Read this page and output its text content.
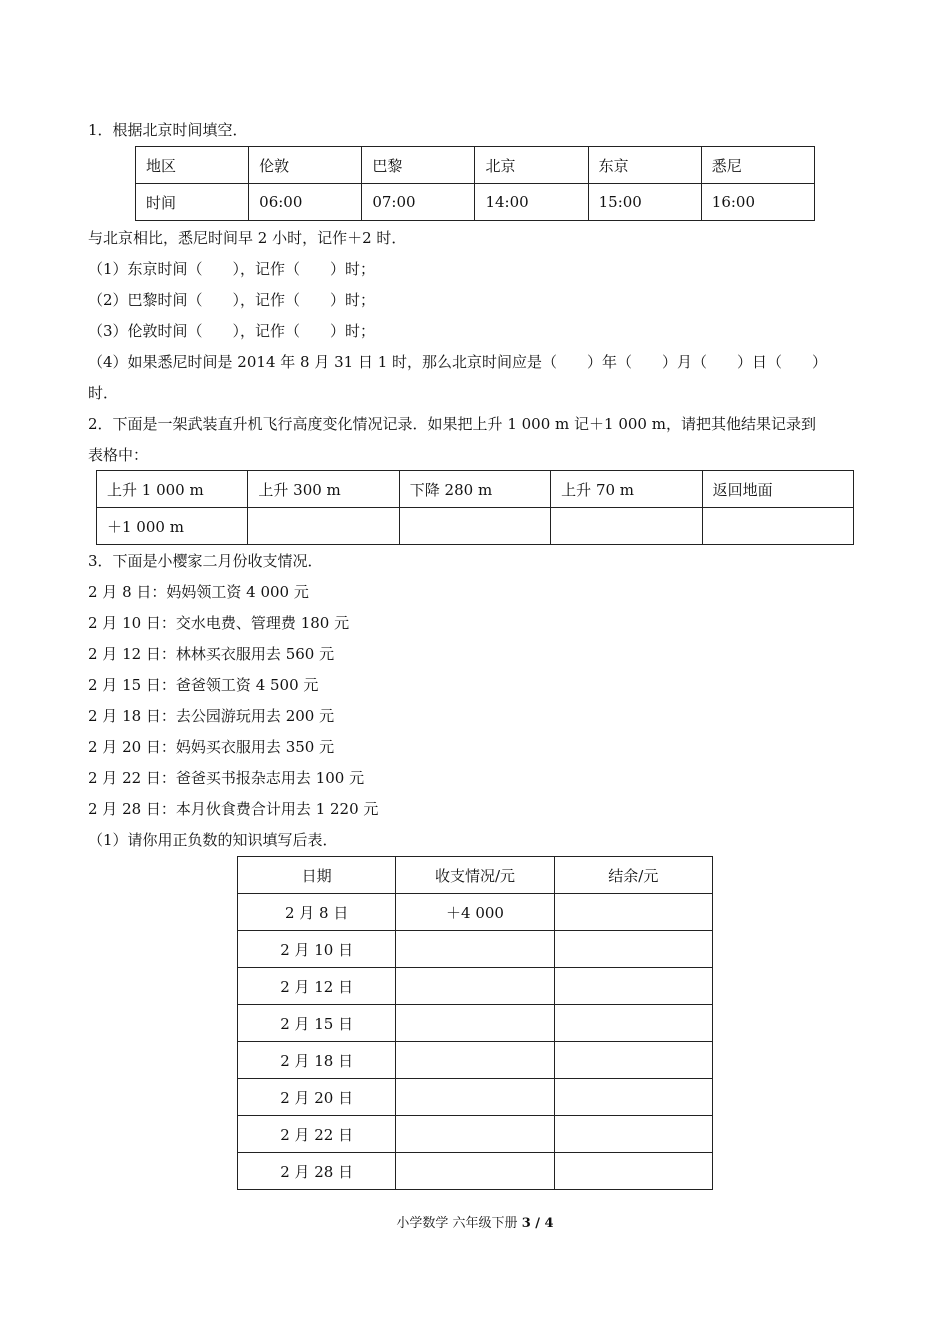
1．根据北京时间填空．
地区	伦敦	巴黎	北京	东京	悉尼
时间	06:00	07:00	14:00	15:00	16:00
与北京相比，悉尼时间早 2 小时，记作＋2 时．
（1）东京时间（　　），记作（　　）时；
（2）巴黎时间（　　），记作（　　）时；
（3）伦敦时间（　　），记作（　　）时；
（4）如果悉尼时间是 2014 年 8 月 31 日 1 时，那么北京时间应是（　　）年（　　）月（　　）日（　　）
时．
2．下面是一架武装直升机飞行高度变化情况记录．如果把上升 1 000 m 记＋1 000 m，请把其他结果记录到
表格中：
上升 1 000 m	上升 300 m	下降 280 m	上升 70 m	返回地面
＋1 000 m				
3．下面是小樱家二月份收支情况．
2 月 8 日：妈妈领工资 4 000 元
2 月 10 日：交水电费、管理费 180 元
2 月 12 日：林林买衣服用去 560 元
2 月 15 日：爸爸领工资 4 500 元
2 月 18 日：去公园游玩用去 200 元
2 月 20 日：妈妈买衣服用去 350 元
2 月 22 日：爸爸买书报杂志用去 100 元
2 月 28 日：本月伙食费合计用去 1 220 元
（1）请你用正负数的知识填写后表．
日期	收支情况/元	结余/元
2 月 8 日	＋4 000	
2 月 10 日		
2 月 12 日		
2 月 15 日		
2 月 18 日		
2 月 20 日		
2 月 22 日		
2 月 28 日		
小学数学 六年级下册 3 / 4
